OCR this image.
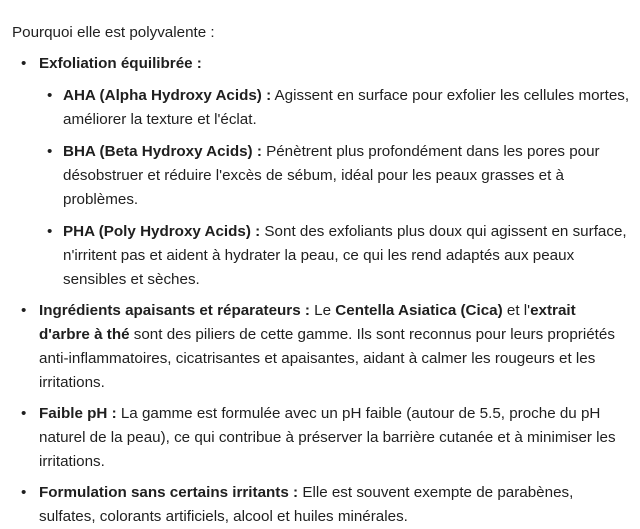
Pourquoi elle est polyvalente :
• Exfoliation équilibrée :
• AHA (Alpha Hydroxy Acids) : Agissent en surface pour exfolier les cellules mortes, améliorer la texture et l'éclat.
• BHA (Beta Hydroxy Acids) : Pénètrent plus profondément dans les pores pour désobstruer et réduire l'excès de sébum, idéal pour les peaux grasses et à problèmes.
• PHA (Poly Hydroxy Acids) : Sont des exfoliants plus doux qui agissent en surface, n'irritent pas et aident à hydrater la peau, ce qui les rend adaptés aux peaux sensibles et sèches.
• Ingrédients apaisants et réparateurs : Le Centella Asiatica (Cica) et l'extrait d'arbre à thé sont des piliers de cette gamme. Ils sont reconnus pour leurs propriétés anti-inflammatoires, cicatrisantes et apaisantes, aidant à calmer les rougeurs et les irritations.
• Faible pH : La gamme est formulée avec un pH faible (autour de 5.5, proche du pH naturel de la peau), ce qui contribue à préserver la barrière cutanée et à minimiser les irritations.
• Formulation sans certains irritants : Elle est souvent exempte de parabènes, sulfates, colorants artificiels, alcool et huiles minérales.
